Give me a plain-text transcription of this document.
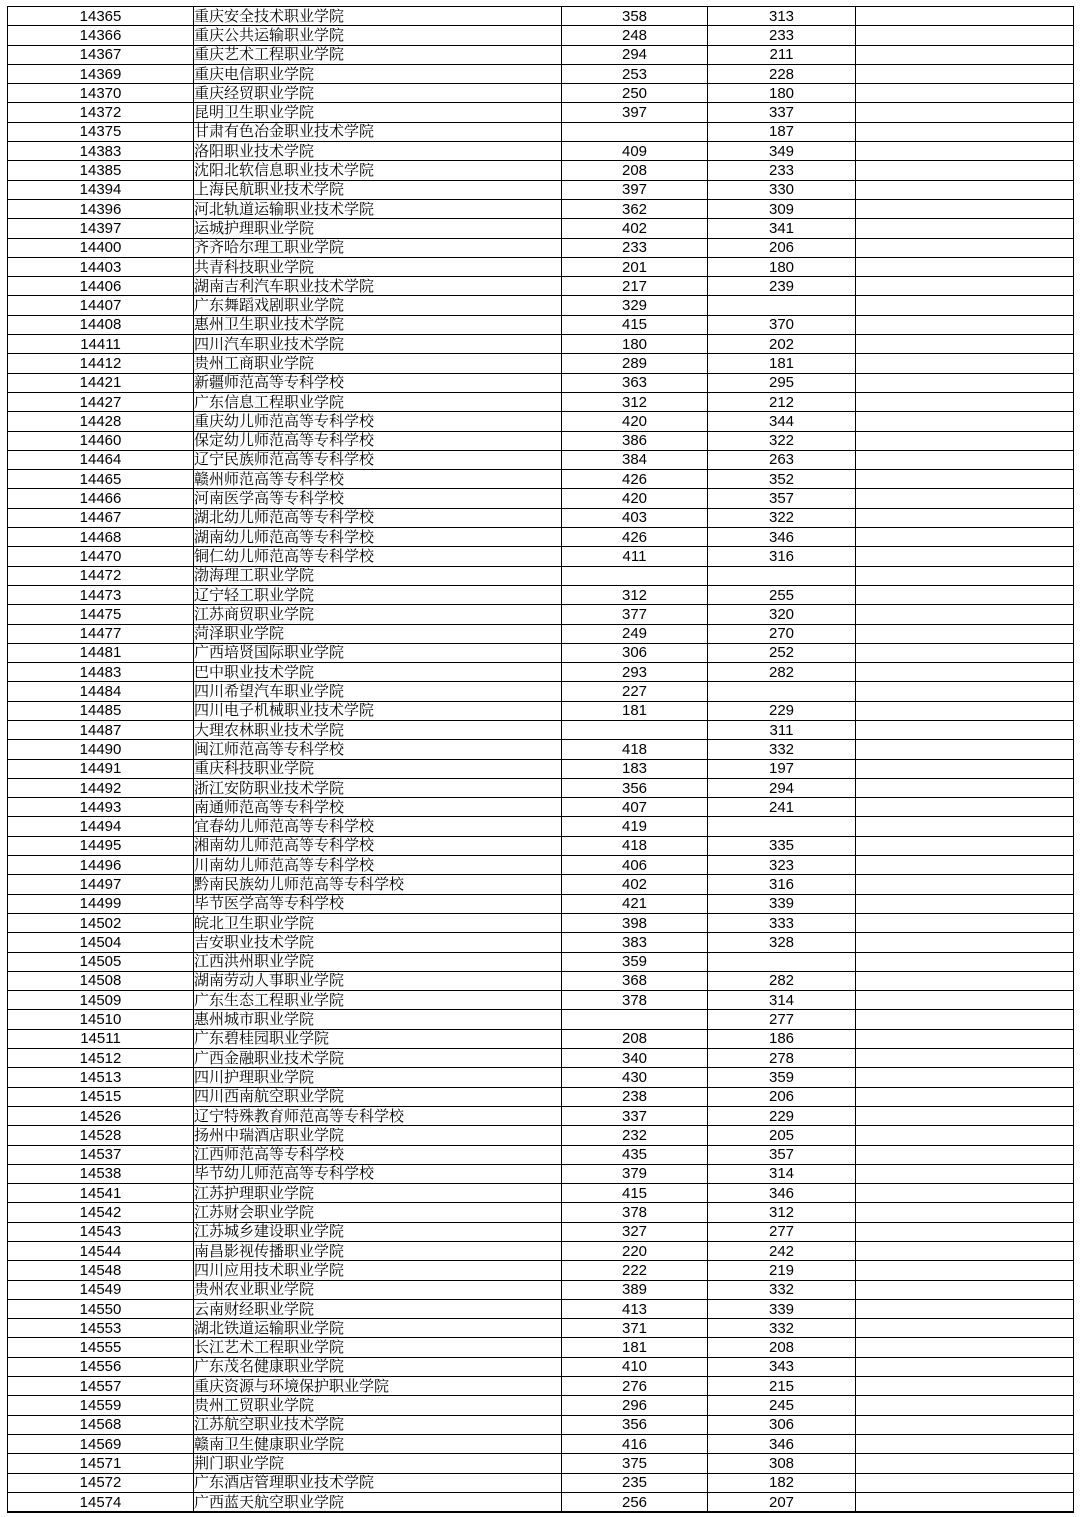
14365	重庆安全技术职业学院	358	313	
14366	重庆公共运输职业学院	248	233	
14367	重庆艺术工程职业学院	294	211	
14369	重庆电信职业学院	253	228	
14370	重庆经贸职业学院	250	180	
14372	昆明卫生职业学院	397	337	
14375	甘肃有色冶金职业技术学院		187	
14383	洛阳职业技术学院	409	349	
14385	沈阳北软信息职业技术学院	208	233	
14394	上海民航职业技术学院	397	330	
14396	河北轨道运输职业技术学院	362	309	
14397	运城护理职业学院	402	341	
14400	齐齐哈尔理工职业学院	233	206	
14403	共青科技职业学院	201	180	
14406	湖南吉利汽车职业技术学院	217	239	
14407	广东舞蹈戏剧职业学院	329		
14408	惠州卫生职业技术学院	415	370	
14411	四川汽车职业技术学院	180	202	
14412	贵州工商职业学院	289	181	
14421	新疆师范高等专科学校	363	295	
14427	广东信息工程职业学院	312	212	
14428	重庆幼儿师范高等专科学校	420	344	
14460	保定幼儿师范高等专科学校	386	322	
14464	辽宁民族师范高等专科学校	384	263	
14465	赣州师范高等专科学校	426	352	
14466	河南医学高等专科学校	420	357	
14467	湖北幼儿师范高等专科学校	403	322	
14468	湖南幼儿师范高等专科学校	426	346	
14470	铜仁幼儿师范高等专科学校	411	316	
14472	渤海理工职业学院			
14473	辽宁轻工职业学院	312	255	
14475	江苏商贸职业学院	377	320	
14477	菏泽职业学院	249	270	
14481	广西培贤国际职业学院	306	252	
14483	巴中职业技术学院	293	282	
14484	四川希望汽车职业学院	227		
14485	四川电子机械职业技术学院	181	229	
14487	大理农林职业技术学院		311	
14490	闽江师范高等专科学校	418	332	
14491	重庆科技职业学院	183	197	
14492	浙江安防职业技术学院	356	294	
14493	南通师范高等专科学校	407	241	
14494	宜春幼儿师范高等专科学校	419		
14495	湘南幼儿师范高等专科学校	418	335	
14496	川南幼儿师范高等专科学校	406	323	
14497	黔南民族幼儿师范高等专科学校	402	316	
14499	毕节医学高等专科学校	421	339	
14502	皖北卫生职业学院	398	333	
14504	吉安职业技术学院	383	328	
14505	江西洪州职业学院	359		
14508	湖南劳动人事职业学院	368	282	
14509	广东生态工程职业学院	378	314	
14510	惠州城市职业学院		277	
14511	广东碧桂园职业学院	208	186	
14512	广西金融职业技术学院	340	278	
14513	四川护理职业学院	430	359	
14515	四川西南航空职业学院	238	206	
14526	辽宁特殊教育师范高等专科学校	337	229	
14528	扬州中瑞酒店职业学院	232	205	
14537	江西师范高等专科学校	435	357	
14538	毕节幼儿师范高等专科学校	379	314	
14541	江苏护理职业学院	415	346	
14542	江苏财会职业学院	378	312	
14543	江苏城乡建设职业学院	327	277	
14544	南昌影视传播职业学院	220	242	
14548	四川应用技术职业学院	222	219	
14549	贵州农业职业学院	389	332	
14550	云南财经职业学院	413	339	
14553	湖北铁道运输职业学院	371	332	
14555	长江艺术工程职业学院	181	208	
14556	广东茂名健康职业学院	410	343	
14557	重庆资源与环境保护职业学院	276	215	
14559	贵州工贸职业学院	296	245	
14568	江苏航空职业技术学院	356	306	
14569	赣南卫生健康职业学院	416	346	
14571	荆门职业学院	375	308	
14572	广东酒店管理职业技术学院	235	182	
14574	广西蓝天航空职业学院	256	207	
